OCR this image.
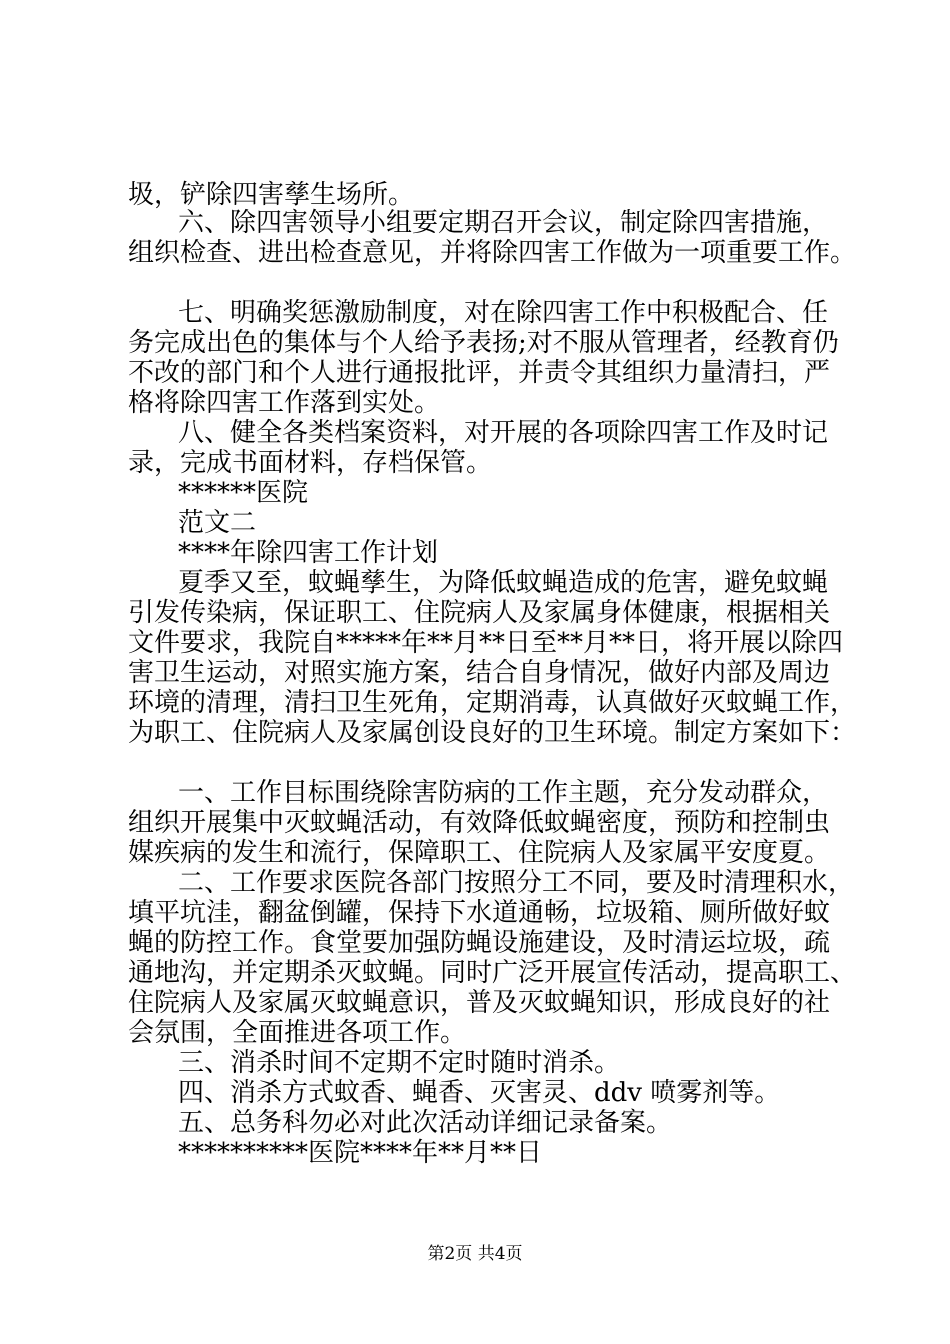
圾，铲除四害孳生场所。
六、除四害领导小组要定期召开会议，制定除四害措施，
组织检查、进出检查意见，并将除四害工作做为一项重要工作。
七、明确奖惩激励制度，对在除四害工作中积极配合、任
务完成出色的集体与个人给予表扬;对不服从管理者，经教育仍
不改的部门和个人进行通报批评，并责令其组织力量清扫，严
格将除四害工作落到实处。
八、健全各类档案资料，对开展的各项除四害工作及时记
录，完成书面材料，存档保管。
******医院
范文二
****年除四害工作计划
夏季又至，蚊蝇孳生，为降低蚊蝇造成的危害，避免蚊蝇
引发传染病，保证职工、住院病人及家属身体健康，根据相关
文件要求，我院自*****年**月**日至**月**日，将开展以除四
害卫生运动，对照实施方案，结合自身情况，做好内部及周边
环境的清理，清扫卫生死角，定期消毒，认真做好灭蚊蝇工作，
为职工、住院病人及家属创设良好的卫生环境。制定方案如下：
一、工作目标围绕除害防病的工作主题，充分发动群众，
组织开展集中灭蚊蝇活动，有效降低蚊蝇密度，预防和控制虫
媒疾病的发生和流行，保障职工、住院病人及家属平安度夏。
二、工作要求医院各部门按照分工不同，要及时清理积水，
填平坑洼，翻盆倒罐，保持下水道通畅，垃圾箱、厕所做好蚊
蝇的防控工作。食堂要加强防蝇设施建设，及时清运垃圾，疏
通地沟，并定期杀灭蚊蝇。同时广泛开展宣传活动，提高职工、
住院病人及家属灭蚊蝇意识，普及灭蚊蝇知识，形成良好的社
会氛围，全面推进各项工作。
三、消杀时间不定期不定时随时消杀。
四、消杀方式蚊香、蝇香、灭害灵、ddv 喷雾剂等。
五、总务科勿必对此次活动详细记录备案。
**********医院****年**月**日
第2页 共4页
